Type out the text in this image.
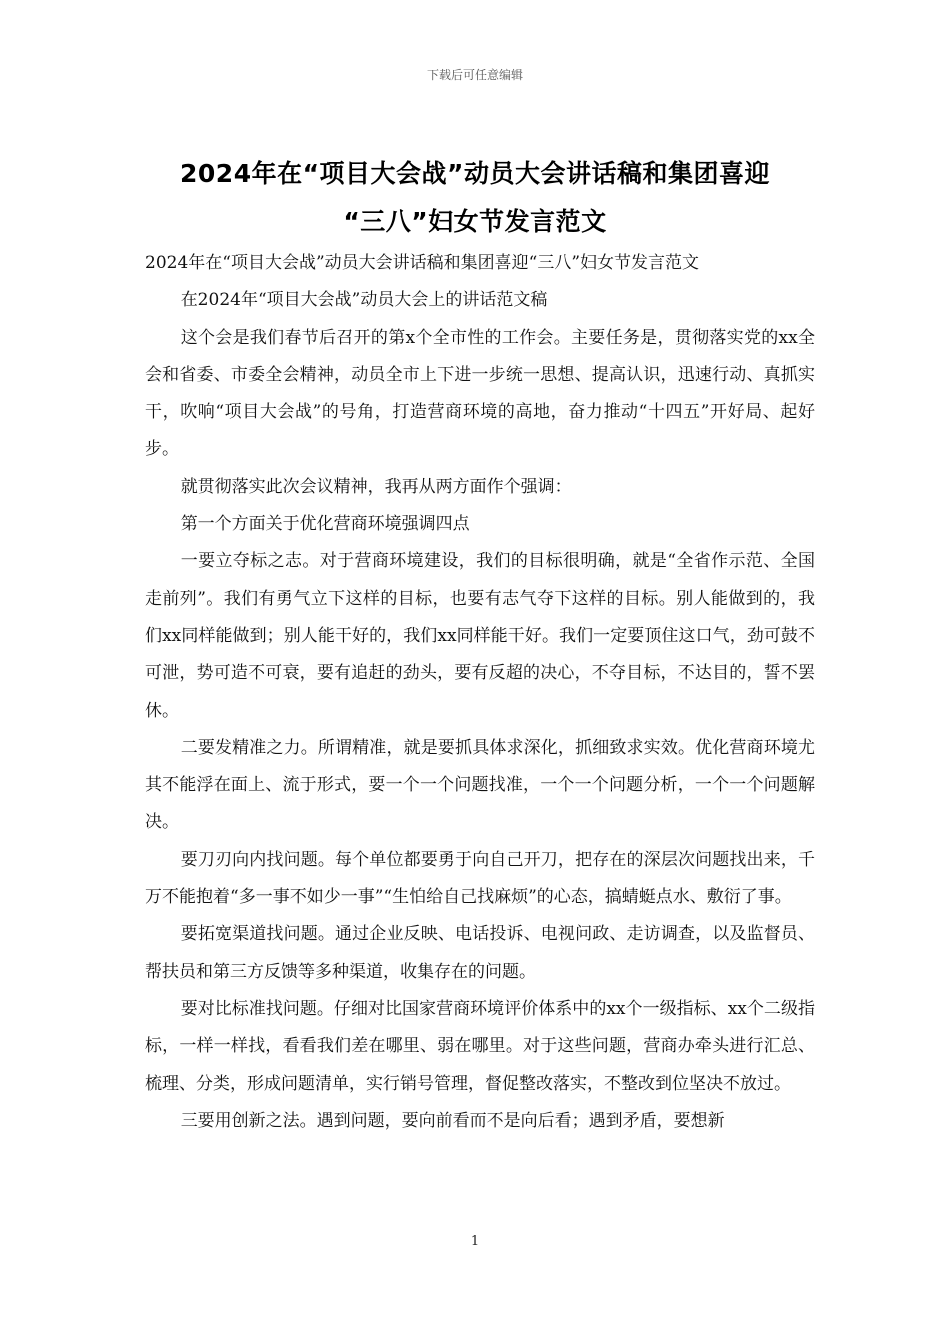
下载后可任意编辑
2024年在“项目大会战”动员大会讲话稿和集团喜迎
“三八”妇女节发言范文

2024年在“项目大会战”动员大会讲话稿和集团喜迎“三八”妇女节发言范文

在2024年“项目大会战”动员大会上的讲话范文稿

这个会是我们春节后召开的第x个全市性的工作会。主要任务是，贯彻落实党的xx全会和省委、市委全会精神，动员全市上下进一步统一思想、提高认识，迅速行动、真抓实干，吹响“项目大会战”的号角，打造营商环境的高地，奋力推动“十四五”开好局、起好步。

就贯彻落实此次会议精神，我再从两方面作个强调：

第一个方面关于优化营商环境强调四点

一要立夺标之志。对于营商环境建设，我们的目标很明确，就是“全省作示范、全国走前列”。我们有勇气立下这样的目标，也要有志气夺下这样的目标。别人能做到的，我们xx同样能做到；别人能干好的，我们xx同样能干好。我们一定要顶住这口气，劲可鼓不可泄，势可造不可衰，要有追赶的劲头，要有反超的决心，不夺目标，不达目的，誓不罢休。

二要发精准之力。所谓精准，就是要抓具体求深化，抓细致求实效。优化营商环境尤其不能浮在面上、流于形式，要一个一个问题找准，一个一个问题分析，一个一个问题解决。

要刀刃向内找问题。每个单位都要勇于向自己开刀，把存在的深层次问题找出来，千万不能抱着“多一事不如少一事”“生怕给自己找麻烦”的心态，搞蜻蜓点水、敷衍了事。

要拓宽渠道找问题。通过企业反映、电话投诉、电视问政、走访调查，以及监督员、帮扶员和第三方反馈等多种渠道，收集存在的问题。

要对比标准找问题。仔细对比国家营商环境评价体系中的xx个一级指标、xx个二级指标，一样一样找，看看我们差在哪里、弱在哪里。对于这些问题，营商办牵头进行汇总、梳理、分类，形成问题清单，实行销号管理，督促整改落实，不整改到位坚决不放过。

三要用创新之法。遇到问题，要向前看而不是向后看；遇到矛盾，要想新

1
